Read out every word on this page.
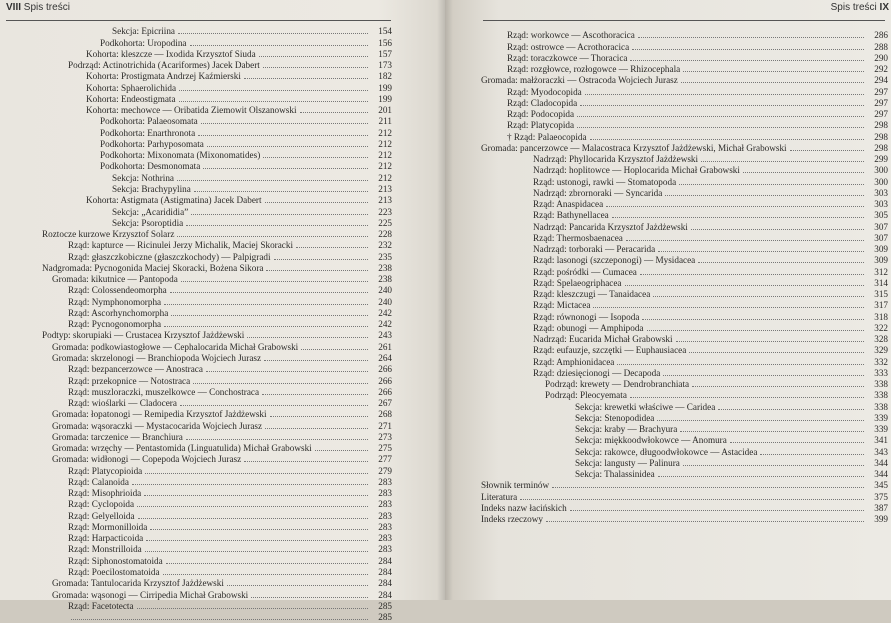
VIII Spis treści
Sekcja: Epicriina	154
Podkohorta: Uropodina	156
Kohorta: kleszcze — Ixodida Krzysztof Siuda	157
Podrząd: Actinotrichida (Acariformes) Jacek Dabert	173
Kohorta: Prostigmata Andrzej Kaźmierski	182
Kohorta: Sphaerolichida	199
Kohorta: Endeostigmata	199
Kohorta: mechowce — Oribatida Ziemowit Olszanowski	201
Podkohorta: Palaeosomata	211
Podkohorta: Enarthronota	212
Podkohorta: Parhyposomata	212
Podkohorta: Mixonomata (Mixonomatides)	212
Podkohorta: Desmonomata	212
Sekcja: Nothrina	212
Sekcja: Brachypylina	213
Kohorta: Astigmata (Astigmatina) Jacek Dabert	213
Sekcja: „Acarididia”	223
Sekcja: Psoroptidia	225
Roztocze kurzowe Krzysztof Solarz	228
Rząd: kapturce — Ricinulei Jerzy Michalik, Maciej Skoracki	232
Rząd: głaszczkobiczne (głaszczkochody) — Palpigradi	235
Nadgromada: Pycnogonida Maciej Skoracki, Bożena Sikora	238
Gromada: kikutnice — Pantopoda	238
Rząd: Colossendeomorpha	240
Rząd: Nymphonomorpha	240
Rząd: Ascorhynchomorpha	242
Rząd: Pycnogonomorpha	242
Podtyp: skorupiaki — Crustacea Krzysztof Jażdżewski	243
Gromada: podkowiastogłowe — Cephalocarida Michał Grabowski	261
Gromada: skrzelonogi — Branchiopoda Wojciech Jurasz	264
Rząd: bezpancerzowce — Anostraca	266
Rząd: przekopnice — Notostraca	266
Rząd: muszloraczki, muszelkowce — Conchostraca	266
Rząd: wioślarki — Cladocera	267
Gromada: łopatonogi — Remipedia Krzysztof Jażdżewski	268
Gromada: wąsoraczki — Mystacocarida Wojciech Jurasz	271
Gromada: tarczenice — Branchiura	273
Gromada: wrzęchy — Pentastomida (Linguatulida) Michał Grabowski	275
Gromada: widłonogi — Copepoda Wojciech Jurasz	277
Rząd: Platycopioida	279
Rząd: Calanoida	283
Rząd: Misophrioida	283
Rząd: Cyclopoida	283
Rząd: Gelyelloida	283
Rząd: Mormonilloida	283
Rząd: Harpacticoida	283
Rząd: Monstrilloida	283
Rząd: Siphonostomatoida	284
Rząd: Poecilostomatoida	284
Gromada: Tantulocarida Krzysztof Jażdżewski	284
Gromada: wąsonogi — Cirripedia Michał Grabowski	284
Rząd: Facetotecta	285
285
Spis treści IX
Rząd: workowce — Ascothoracica	286
Rząd: ostrowce — Acrothoracica	288
Rząd: toraczkowce — Thoracica	290
Rząd: rozgłowce, rozłogowce — Rhizocephala	292
Gromada: małżoraczki — Ostracoda Wojciech Jurasz	294
Rząd: Myodocopida	297
Rząd: Cladocopida	297
Rząd: Podocopida	297
Rząd: Platycopida	298
† Rząd: Palaeocopida	298
Gromada: pancerzowce — Malacostraca Krzysztof Jażdżewski, Michał Grabowski	298
Nadrząd: Phyllocarida Krzysztof Jażdżewski	299
Nadrząd: hoplitowce — Hoplocarida Michał Grabowski	300
Rząd: ustonogi, rawki — Stomatopoda	300
Nadrząd: zbrornoraki — Syncarida	303
Rząd: Anaspidacea	303
Rząd: Bathynellacea	305
Nadrząd: Pancarida Krzysztof Jażdżewski	307
Rząd: Thermosbaenacea	307
Nadrząd: torboraki — Peracarida	309
Rząd: lasonogi (szczeponogi) — Mysidacea	309
Rząd: pośródki — Cumacea	312
Rząd: Spelaeogriphacea	314
Rząd: kleszczugi — Tanaidacea	315
Rząd: Mictacea	317
Rząd: równonogi — Isopoda	318
Rząd: obunogi — Amphipoda	322
Nadrząd: Eucarida Michał Grabowski	328
Rząd: eufauzje, szczętki — Euphausiacea	329
Rząd: Amphionidacea	332
Rząd: dziesięcionogi — Decapoda	333
Podrząd: krewety — Dendrobranchiata	338
Podrząd: Pleocyemata	338
Sekcja: krewetki właściwe — Caridea	338
Sekcja: Stenopodidea	339
Sekcja: kraby — Brachyura	339
Sekcja: miękkoodwłokowce — Anomura	341
Sekcja: rakowce, długoodwłokowce — Astacidea	343
Sekcja: langusty — Palinura	344
Sekcja: Thalassinidea	344
Słownik terminów	345
Literatura	375
Indeks nazw łacińskich	387
Indeks rzeczowy	399
